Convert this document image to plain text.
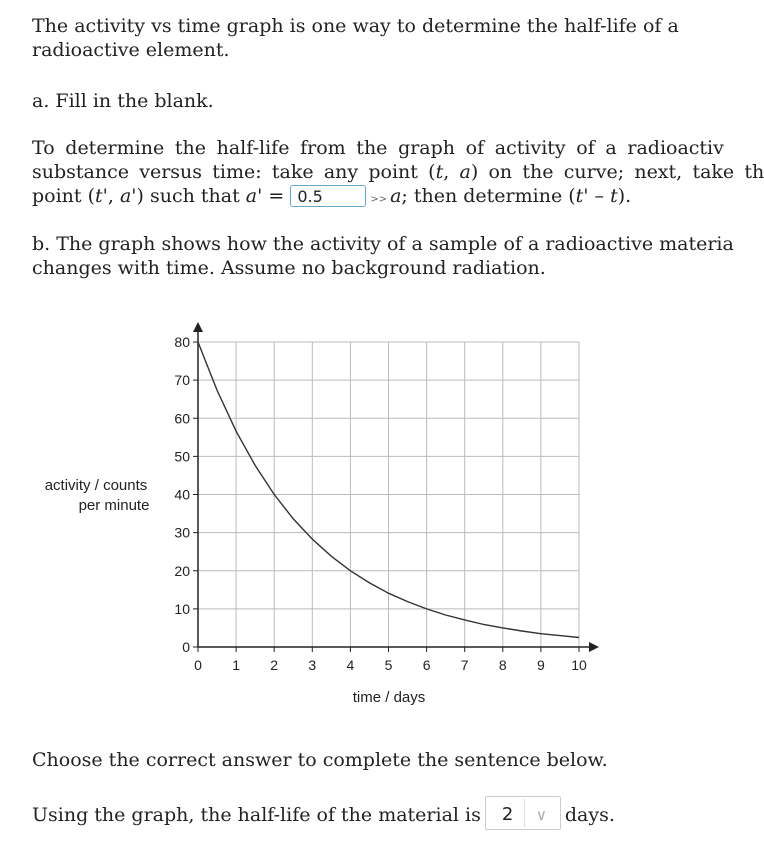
The activity vs time graph is one way to determine the half-life of a
radioactive element.
a. Fill in the blank.
To determine the half-life from the graph of activity of a radioactiv
substance versus time: take any point (t, a) on the curve; next, take th
point (t', a') such that a' = 0.5	>> a; then determine (t' – t).
b. The graph shows how the activity of a sample of a radioactive materia
changes with time. Assume no background radiation.
0 1 2 3 4 5 6 7 8 9 10
0
10
20
30
40
50
60
70
80
activity / counts
per minute
time / days
Choose the correct answer to complete the sentence below.
Using the graph, the half-life of the material is 2 ∨ days.
